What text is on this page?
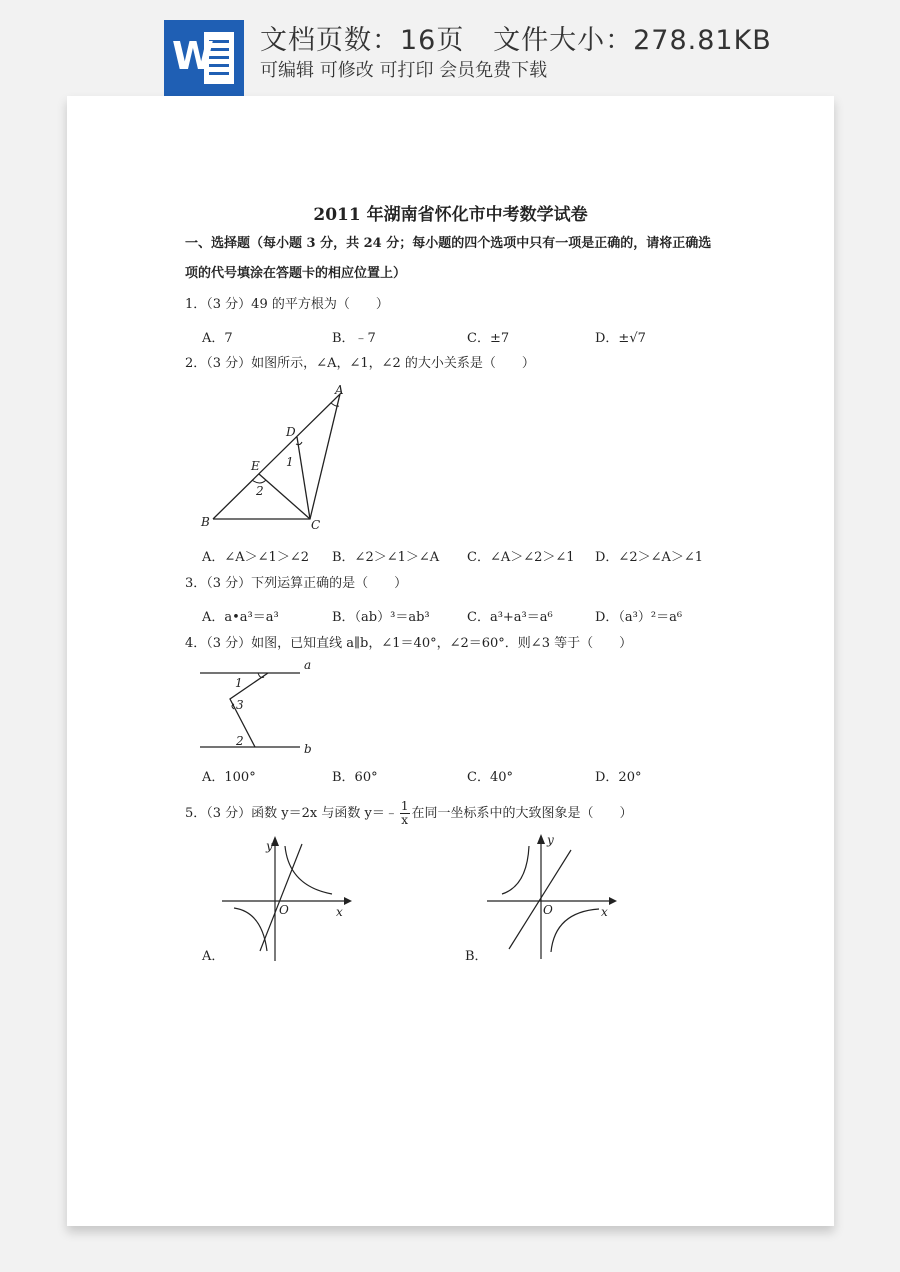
W 文档页数：16页   文件大小：278.81KB
可编辑 可修改 可打印 会员免费下载
2011 年湖南省怀化市中考数学试卷
一、选择题（每小题 3 分，共 24 分；每小题的四个选项中只有一项是正确的，请将正确选
项的代号填涂在答题卡的相应位置上）
1．（3 分）49 的平方根为（　　）
A．7	B．﹣7	C．±7	D．±√7
2．（3 分）如图所示，∠A，∠1，∠2 的大小关系是（　　）
A
D
E 1
2
B	C
A．∠A＞∠1＞∠2 B．∠2＞∠1＞∠A C．∠A＞∠2＞∠1 D．∠2＞∠A＞∠1
3．（3 分）下列运算正确的是（　　）
A．a•a³＝a³	B．（ab）³＝ab³	C．a³+a³＝a⁶	D．（a³）²＝a⁶
4．（3 分）如图，已知直线 a∥b，∠1＝40°，∠2＝60°．则∠3 等于（　　）
a
1
3
2
b
A．100°	B．60°	C．40°	D．20°
5．（3 分）函数 y＝2x 与函数 y＝﹣ $\frac{1}{x}$ 在同一坐标系中的大致图象是（　　）
y
O	x
A．
y
O	x
B．
